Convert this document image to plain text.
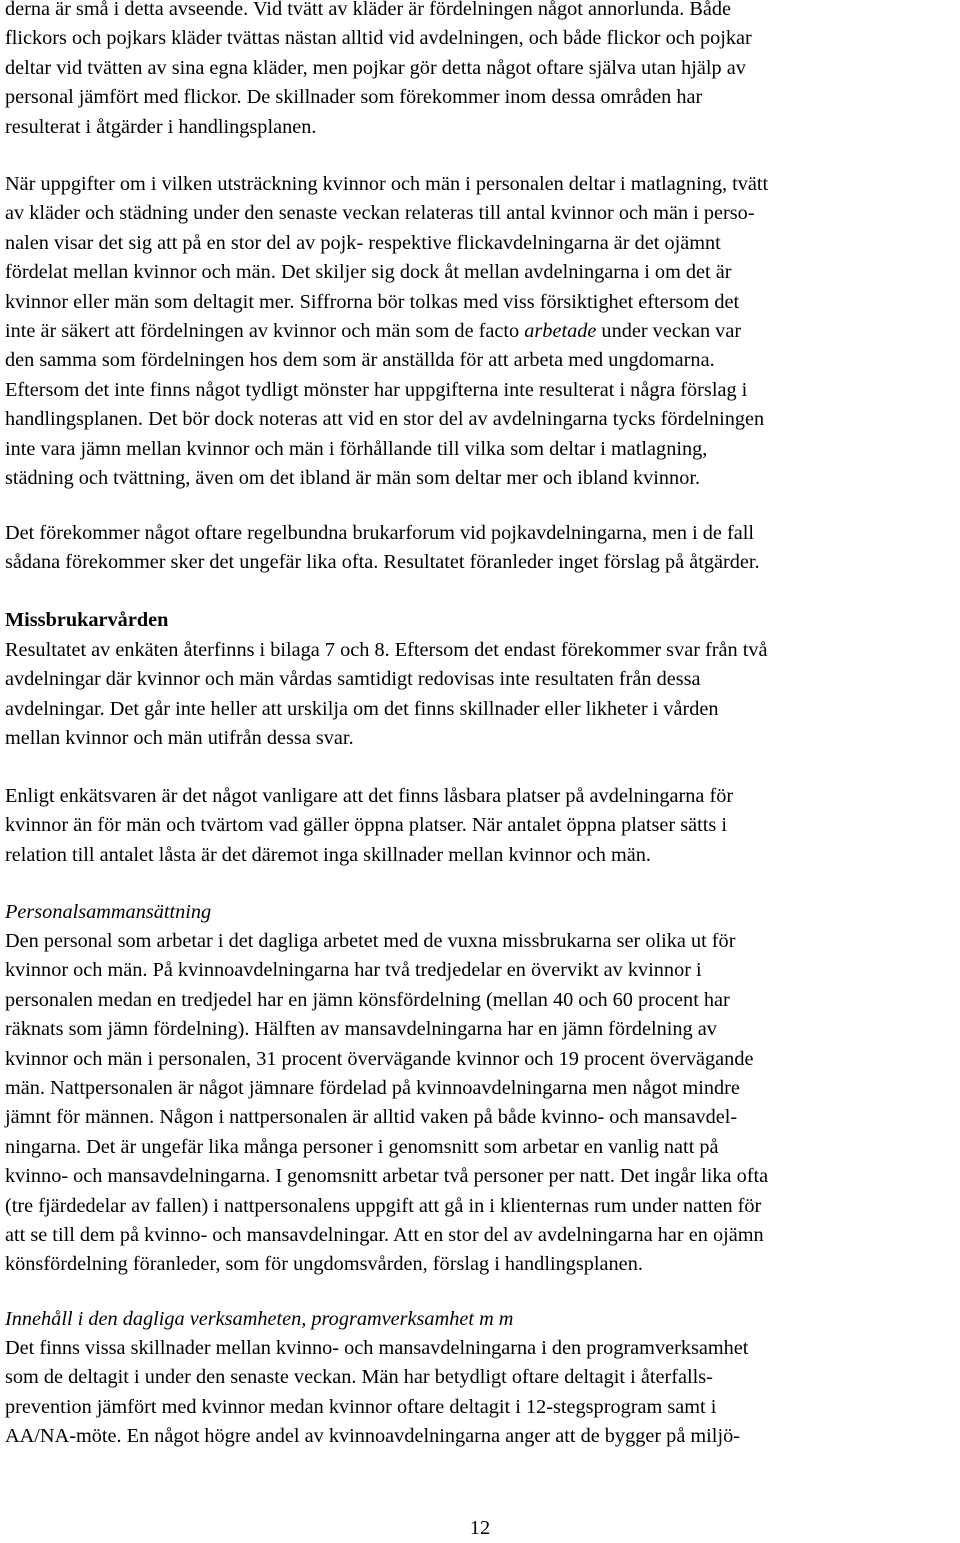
derna är små i detta avseende. Vid tvätt av kläder är fördelningen något annorlunda. Både
flickors och pojkars kläder tvättas nästan alltid vid avdelningen, och både flickor och pojkar
deltar vid tvätten av sina egna kläder, men pojkar gör detta något oftare själva utan hjälp av
personal jämfört med flickor. De skillnader som förekommer inom dessa områden har
resulterat i åtgärder i handlingsplanen.
När uppgifter om i vilken utsträckning kvinnor och män i personalen deltar i matlagning, tvätt
av kläder och städning under den senaste veckan relateras till antal kvinnor och män i perso-
nalen visar det sig att på en stor del av pojk- respektive flickavdelningarna är det ojämnt
fördelat mellan kvinnor och män. Det skiljer sig dock åt mellan avdelningarna i om det är
kvinnor eller män som deltagit mer. Siffrorna bör tolkas med viss försiktighet eftersom det
inte är säkert att fördelningen av kvinnor och män som de facto arbetade under veckan var
den samma som fördelningen hos dem som är anställda för att arbeta med ungdomarna.
Eftersom det inte finns något tydligt mönster har uppgifterna inte resulterat i några förslag i
handlingsplanen. Det bör dock noteras att vid en stor del av avdelningarna tycks fördelningen
inte vara jämn mellan kvinnor och män i förhållande till vilka som deltar i matlagning,
städning och tvättning, även om det ibland är män som deltar mer och ibland kvinnor.
Det förekommer något oftare regelbundna brukarforum vid pojkavdelningarna, men i de fall
sådana förekommer sker det ungefär lika ofta. Resultatet föranleder inget förslag på åtgärder.
Missbrukarvården
Resultatet av enkäten återfinns i bilaga 7 och 8. Eftersom det endast förekommer svar från två
avdelningar där kvinnor och män vårdas samtidigt redovisas inte resultaten från dessa
avdelningar. Det går inte heller att urskilja om det finns skillnader eller likheter i vården
mellan kvinnor och män utifrån dessa svar.
Enligt enkätsvaren är det något vanligare att det finns låsbara platser på avdelningarna för
kvinnor än för män och tvärtom vad gäller öppna platser. När antalet öppna platser sätts i
relation till antalet låsta är det däremot inga skillnader mellan kvinnor och män.
Personalsammansättning
Den personal som arbetar i det dagliga arbetet med de vuxna missbrukarna ser olika ut för
kvinnor och män. På kvinnoavdelningarna har två tredjedelar en övervikt av kvinnor i
personalen medan en tredjedel har en jämn könsfördelning (mellan 40 och 60 procent har
räknats som jämn fördelning). Hälften av mansavdelningarna har en jämn fördelning av
kvinnor och män i personalen, 31 procent övervägande kvinnor och 19 procent övervägande
män. Nattpersonalen är något jämnare fördelad på kvinnoavdelningarna men något mindre
jämnt för männen. Någon i nattpersonalen är alltid vaken på både kvinno- och mansavdel-
ningarna. Det är ungefär lika många personer i genomsnitt som arbetar en vanlig natt på
kvinno- och mansavdelningarna. I genomsnitt arbetar två personer per natt. Det ingår lika ofta
(tre fjärdedelar av fallen) i nattpersonalens uppgift att gå in i klienternas rum under natten för
att se till dem på kvinno- och mansavdelningar. Att en stor del av avdelningarna har en ojämn
könsfördelning föranleder, som för ungdomsvården, förslag i handlingsplanen.
Innehåll i den dagliga verksamheten, programverksamhet m m
Det finns vissa skillnader mellan kvinno- och mansavdelningarna i den programverksamhet
som de deltagit i under den senaste veckan. Män har betydligt oftare deltagit i återfalls-
prevention jämfört med kvinnor medan kvinnor oftare deltagit i 12-stegsprogram samt i
AA/NA-möte. En något högre andel av kvinnoavdelningarna anger att de bygger på miljö-
12
